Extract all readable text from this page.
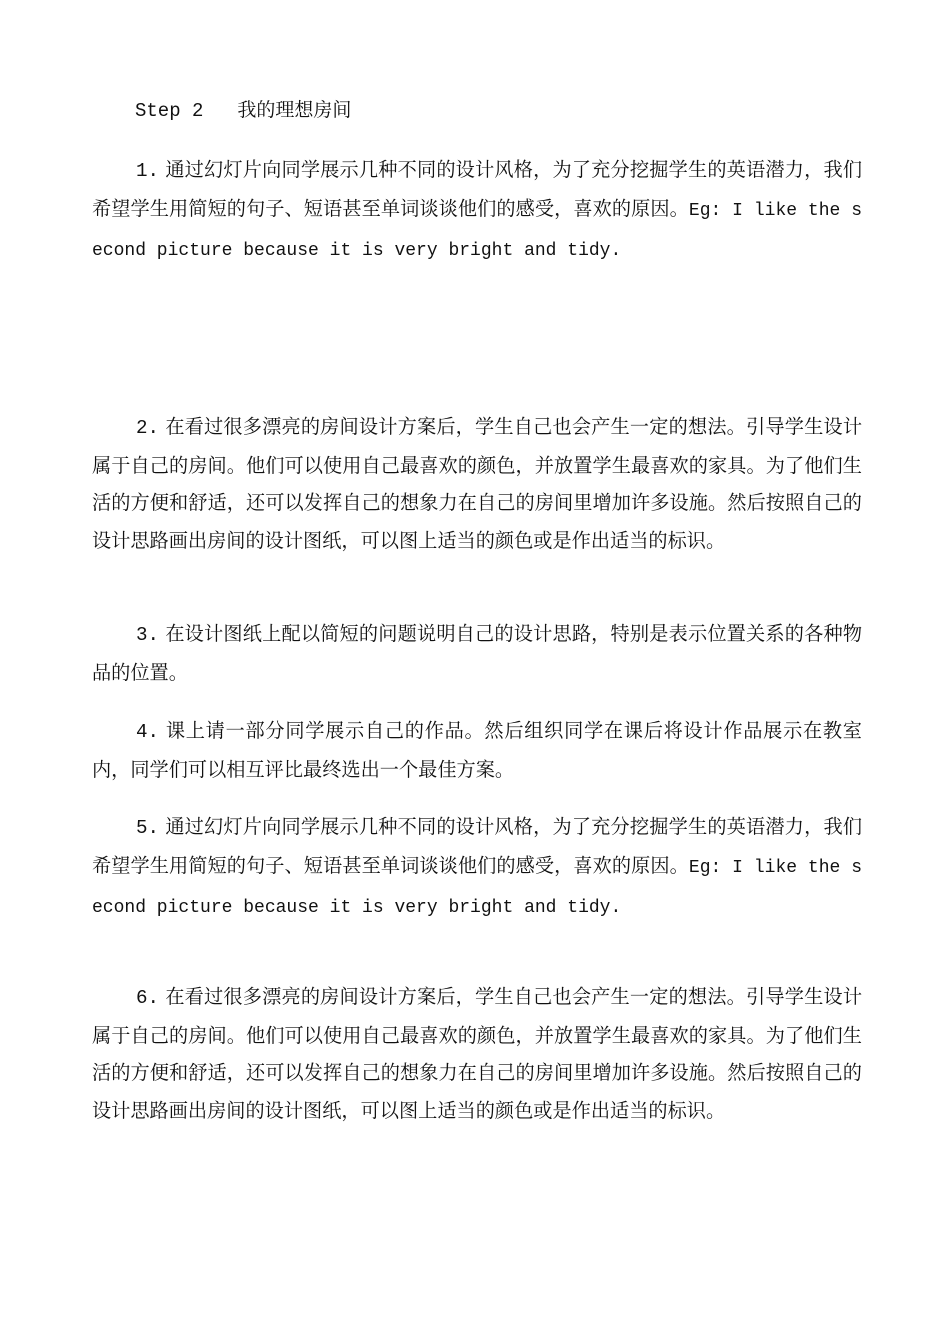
Step 2 我的理想房间

1. 通过幻灯片向同学展示几种不同的设计风格，为了充分挖掘学生的英语潜力，我们希望学生用简短的句子、短语甚至单词谈谈他们的感受，喜欢的原因。Eg: I like the second picture because it is very bright and tidy.

2. 在看过很多漂亮的房间设计方案后，学生自己也会产生一定的想法。引导学生设计属于自己的房间。他们可以使用自己最喜欢的颜色，并放置学生最喜欢的家具。为了他们生活的方便和舒适，还可以发挥自己的想象力在自己的房间里增加许多设施。然后按照自己的设计思路画出房间的设计图纸，可以图上适当的颜色或是作出适当的标识。

3. 在设计图纸上配以简短的问题说明自己的设计思路，特别是表示位置关系的各种物品的位置。

4. 课上请一部分同学展示自己的作品。然后组织同学在课后将设计作品展示在教室内，同学们可以相互评比最终选出一个最佳方案。

5. 通过幻灯片向同学展示几种不同的设计风格，为了充分挖掘学生的英语潜力，我们希望学生用简短的句子、短语甚至单词谈谈他们的感受，喜欢的原因。Eg: I like the second picture because it is very bright and tidy.

6. 在看过很多漂亮的房间设计方案后，学生自己也会产生一定的想法。引导学生设计属于自己的房间。他们可以使用自己最喜欢的颜色，并放置学生最喜欢的家具。为了他们生活的方便和舒适，还可以发挥自己的想象力在自己的房间里增加许多设施。然后按照自己的设计思路画出房间的设计图纸，可以图上适当的颜色或是作出适当的标识。
